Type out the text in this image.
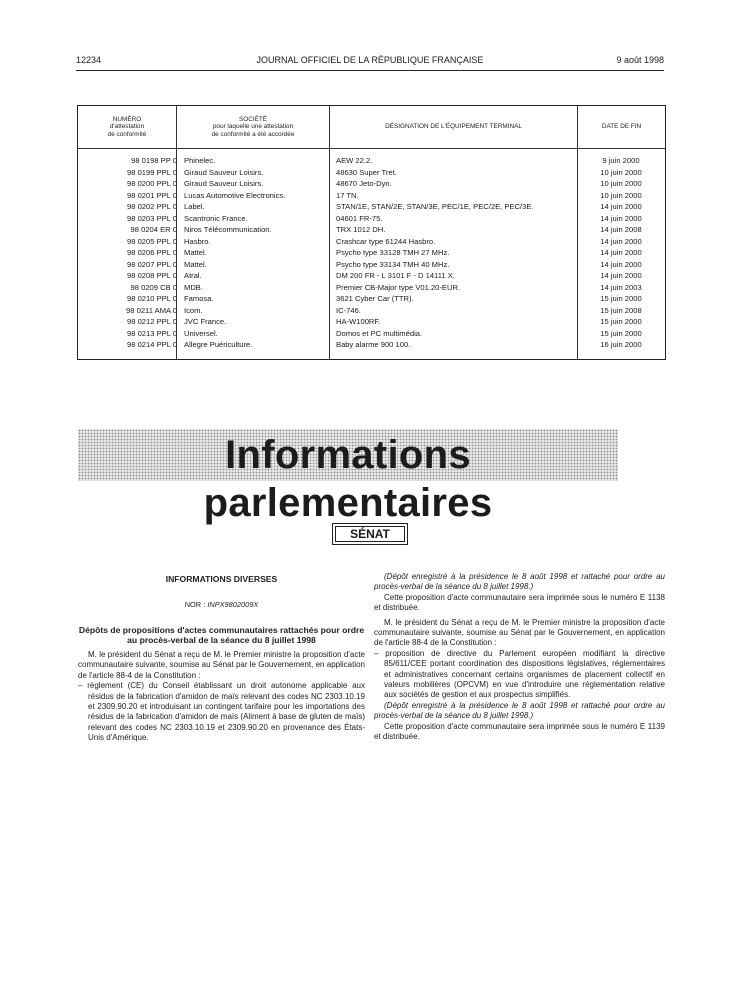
12234	JOURNAL OFFICIEL DE LA RÉPUBLIQUE FRANÇAISE	9 août 1998
NUMÉRO
d'attestation
de conformité
SOCIÉTÉ
pour laquelle une attestation
de conformité a été accordée
DÉSIGNATION DE L'ÉQUIPEMENT TERMINAL	DATE DE FIN
98 0198 PP 0 Phinelec.	AEW 22.2.	9 juin 2000
98 0199 PPL 0 Giraud Sauveur Loisirs.	48630 Super Tret.	10 juin 2000
98 0200 PPL 0 Giraud Sauveur Loisirs.	48670 Jeto-Dyn.	10 juin 2000
98 0201 PPL 0 Lucas Automotive Electronics.	17 TN.	10 juin 2000
98 0202 PPL 0 Label.	STAN/1E, STAN/2E, STAN/3E, PEC/1E, PEC/2E, PEC/3E.	14 juin 2000
98 0203 PPL 0 Scantronic France.	04601 FR-75.	14 juin 2000
98 0204 ER 0 Niros Télécommunication.	TRX 1012 DH.	14 juin 2008
98 0205 PPL 0 Hasbro.	Crashcar type 61244 Hasbro.	14 juin 2000
98 0206 PPL 0 Mattel.	Psycho type 33128 TMH 27 MHz.	14 juin 2000
98 0207 PPL 0 Mattel.	Psycho type 33134 TMH 40 MHz.	14 juin 2000
98 0208 PPL 0 Atral.	DM 200 FR - L 3101 F - D 14111 X.	14 juin 2000
98 0209 CB 0 MDB.	Premier CB-Major type V01.20-EUR.	14 juin 2003
98 0210 PPL 0 Famosa.	3621 Cyber Car (TTR).	15 juin 2000
98 0211 AMA 0 Icom.	IC-746.	15 juin 2008
98 0212 PPL 0 JVC France.	HA-W100RF.	15 juin 2000
98 0213 PPL 0 Universel.	Domos et PC multimédia.	15 juin 2000
98 0214 PPL 0 Allegre Puériculture.	Baby alarme 900 100.	16 juin 2000
Informations parlementaires
SÉNAT
INFORMATIONS DIVERSES
NOR : INPX9802009X
Dépôts de propositions d'actes communautaires rattachés pour ordre au procès-verbal de la séance du 8 juillet 1998

M. le président du Sénat a reçu de M. le Premier ministre la proposition d'acte communautaire suivante, soumise au Sénat par le Gouvernement, en application de l'article 88-4 de la Constitution :

– règlement (CE) du Conseil établissant un droit autonome applicable aux résidus de la fabrication d'amidon de maïs relevant des codes NC 2303.10.19 et 2309.90.20 et introduisant un contingent tarifaire pour les importations des résidus de la fabrication d'amidon de maïs (Aliment à base de gluten de maïs) relevant des codes NC 2303.10.19 et 2309.90.20 en provenance des États-Unis d'Amérique.

(Dépôt enregistré à la présidence le 8 août 1998 et rattaché pour ordre au procès-verbal de la séance du 8 juillet 1998.)

Cette proposition d'acte communautaire sera imprimée sous le numéro E 1138 et distribuée.

M. le président du Sénat a reçu de M. le Premier ministre la proposition d'acte communautaire suivante, soumise au Sénat par le Gouvernement, en application de l'article 88-4 de la Constitution :

– proposition de directive du Parlement européen modifiant la directive 85/611/CEE portant coordination des dispositions législatives, réglementaires et administratives concernant certains organismes de placement collectif en valeurs mobilières (OPCVM) en vue d'introduire une réglementation relative aux sociétés de gestion et aux prospectus simplifiés.

(Dépôt enregistré à la présidence le 8 août 1998 et rattaché pour ordre au procès-verbal de la séance du 8 juillet 1998.)

Cette proposition d'acte communautaire sera imprimée sous le numéro E 1139 et distribuée.
